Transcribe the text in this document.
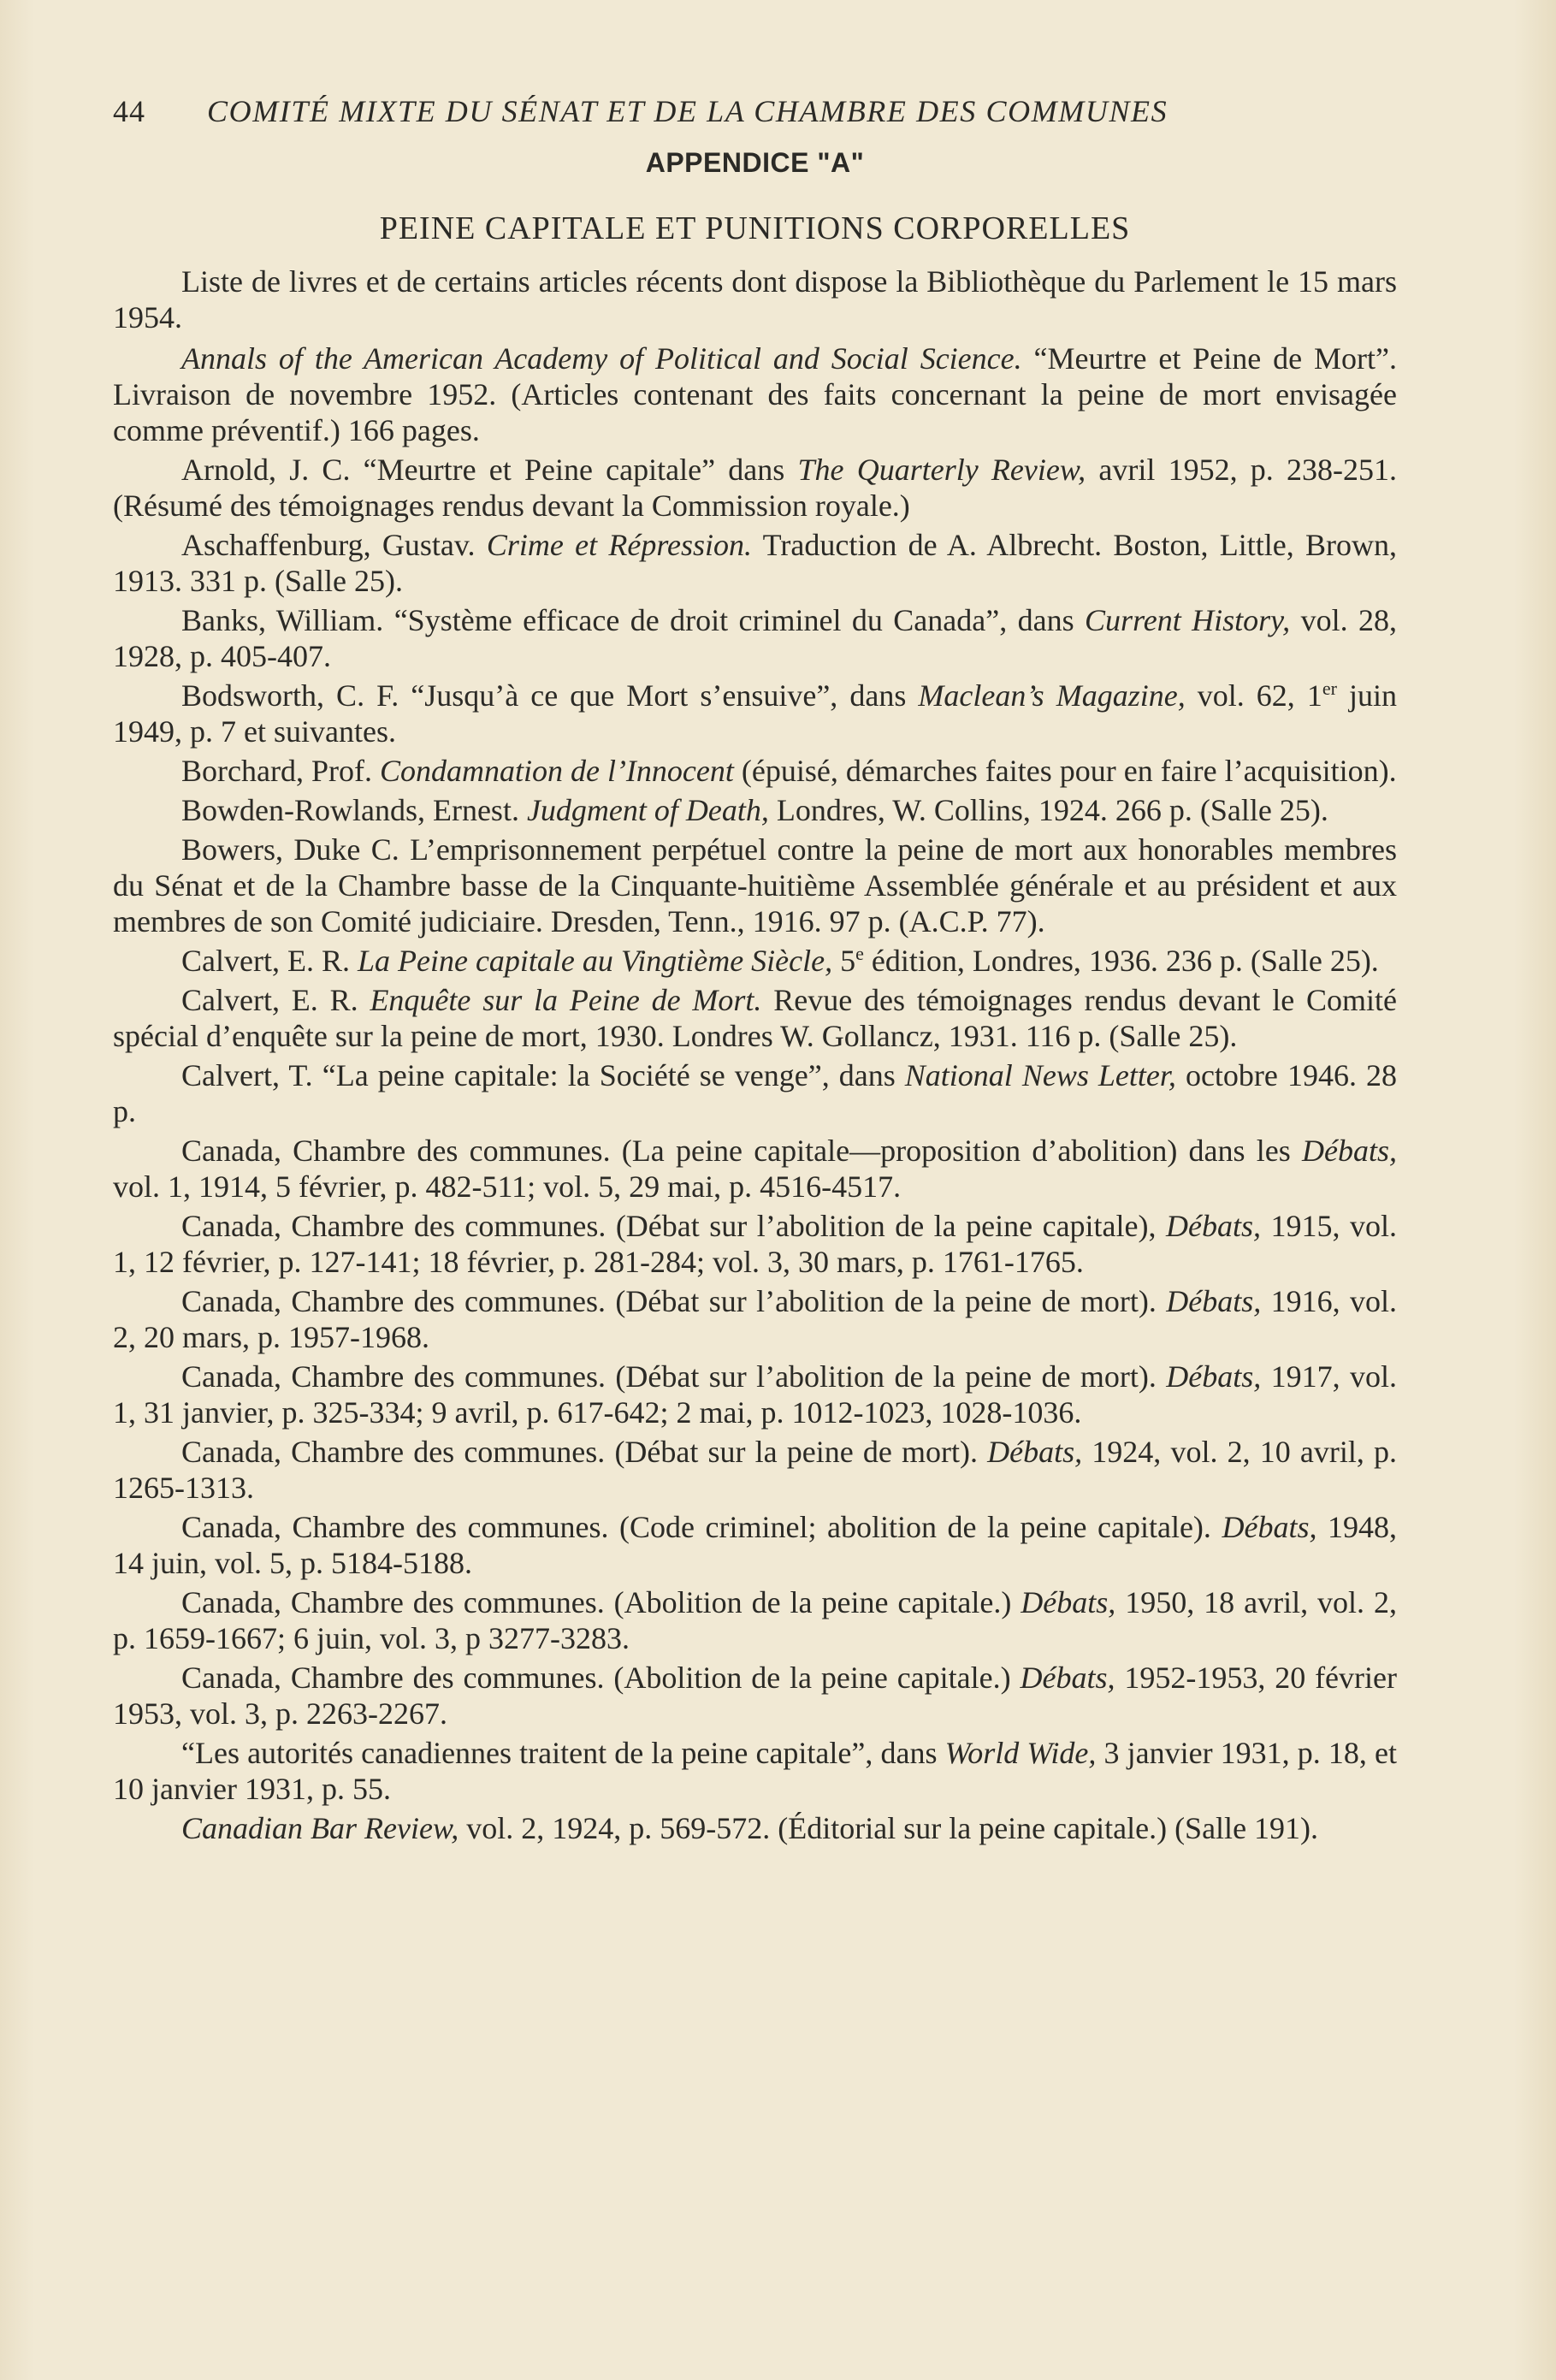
44	COMITÉ MIXTE DU SÉNAT ET DE LA CHAMBRE DES COMMUNES
APPENDICE "A"
PEINE CAPITALE ET PUNITIONS CORPORELLES

Liste de livres et de certains articles récents dont dispose la Bibliothèque du Parlement le 15 mars 1954.

Annals of the American Academy of Political and Social Science. “Meurtre et Peine de Mort”. Livraison de novembre 1952. (Articles contenant des faits concernant la peine de mort envisagée comme préventif.) 166 pages.

Arnold, J. C. “Meurtre et Peine capitale” dans The Quarterly Review, avril 1952, p. 238-251. (Résumé des témoignages rendus devant la Commission royale.)

Aschaffenburg, Gustav. Crime et Répression. Traduction de A. Albrecht. Boston, Little, Brown, 1913. 331 p. (Salle 25).

Banks, William. “Système efficace de droit criminel du Canada”, dans Current History, vol. 28, 1928, p. 405-407.

Bodsworth, C. F. “Jusqu’à ce que Mort s’ensuive”, dans Maclean’s Magazine, vol. 62, 1er juin 1949, p. 7 et suivantes.

Borchard, Prof. Condamnation de l’Innocent (épuisé, démarches faites pour en faire l’acquisition).

Bowden-Rowlands, Ernest. Judgment of Death, Londres, W. Collins, 1924. 266 p. (Salle 25).

Bowers, Duke C. L’emprisonnement perpétuel contre la peine de mort aux honorables membres du Sénat et de la Chambre basse de la Cinquante-huitième Assemblée générale et au président et aux membres de son Comité judiciaire. Dresden, Tenn., 1916. 97 p. (A.C.P. 77).

Calvert, E. R. La Peine capitale au Vingtième Siècle, 5e édition, Londres, 1936. 236 p. (Salle 25).

Calvert, E. R. Enquête sur la Peine de Mort. Revue des témoignages rendus devant le Comité spécial d’enquête sur la peine de mort, 1930. Londres W. Gollancz, 1931. 116 p. (Salle 25).

Calvert, T. “La peine capitale: la Société se venge”, dans National News Letter, octobre 1946. 28 p.

Canada, Chambre des communes. (La peine capitale—proposition d’abolition) dans les Débats, vol. 1, 1914, 5 février, p. 482-511; vol. 5, 29 mai, p. 4516-4517.

Canada, Chambre des communes. (Débat sur l’abolition de la peine capitale), Débats, 1915, vol. 1, 12 février, p. 127-141; 18 février, p. 281-284; vol. 3, 30 mars, p. 1761-1765.

Canada, Chambre des communes. (Débat sur l’abolition de la peine de mort). Débats, 1916, vol. 2, 20 mars, p. 1957-1968.

Canada, Chambre des communes. (Débat sur l’abolition de la peine de mort). Débats, 1917, vol. 1, 31 janvier, p. 325-334; 9 avril, p. 617-642; 2 mai, p. 1012-1023, 1028-1036.

Canada, Chambre des communes. (Débat sur la peine de mort). Débats, 1924, vol. 2, 10 avril, p. 1265-1313.

Canada, Chambre des communes. (Code criminel; abolition de la peine capitale). Débats, 1948, 14 juin, vol. 5, p. 5184-5188.

Canada, Chambre des communes. (Abolition de la peine capitale.) Débats, 1950, 18 avril, vol. 2, p. 1659-1667; 6 juin, vol. 3, p 3277-3283.

Canada, Chambre des communes. (Abolition de la peine capitale.) Débats, 1952-1953, 20 février 1953, vol. 3, p. 2263-2267.

“Les autorités canadiennes traitent de la peine capitale”, dans World Wide, 3 janvier 1931, p. 18, et 10 janvier 1931, p. 55.

Canadian Bar Review, vol. 2, 1924, p. 569-572. (Éditorial sur la peine capitale.) (Salle 191).
